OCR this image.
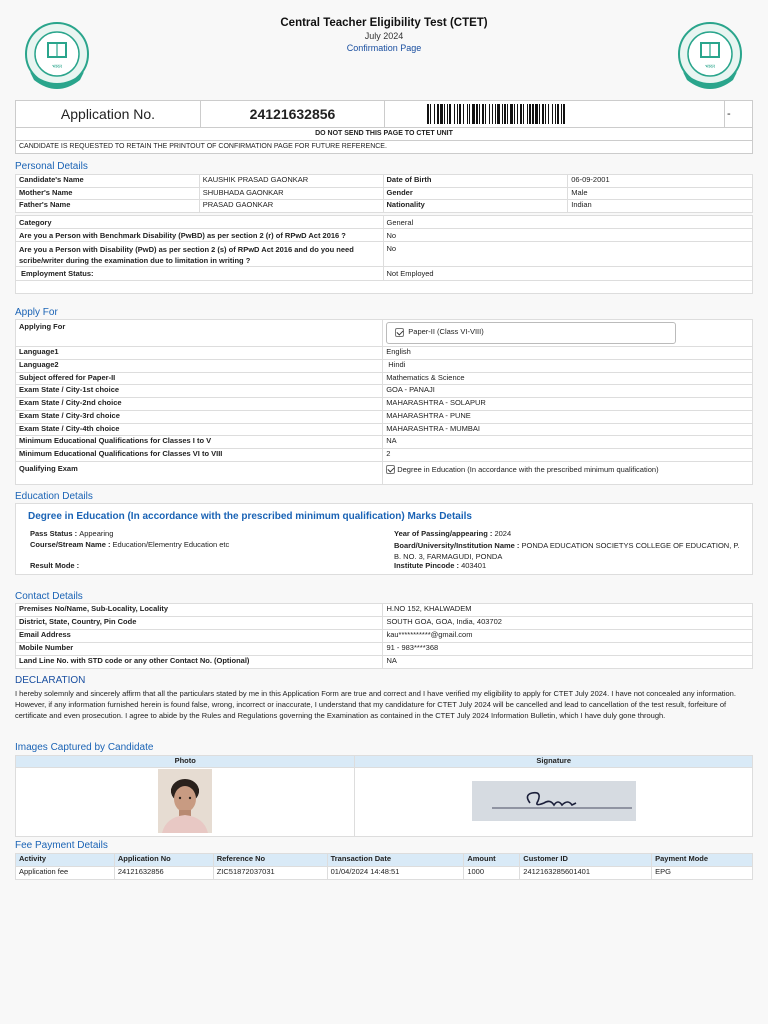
भारत	भारत
Central Teacher Eligibility Test (CTET)
July 2024
Confirmation Page
Application No.	24121632856	-
DO NOT SEND THIS PAGE TO CTET UNIT
CANDIDATE IS REQUESTED TO RETAIN THE PRINTOUT OF CONFIRMATION PAGE FOR FUTURE REFERENCE.
Personal Details
Candidate's Name	KAUSHIK PRASAD GAONKAR	Date of Birth	06-09-2001
Mother's Name	SHUBHADA GAONKAR	Gender	Male
Father's Name	PRASAD GAONKAR	Nationality	Indian
Category	General
Are you a Person with Benchmark Disability (PwBD) as per section 2 (r) of RPwD Act 2016 ?	No

Are you a Person with Disability (PwD) as per section 2 (s) of RPwD Act 2016 and do you need
scribe/writer during the examination due to limitation in writing ?	No
Employment Status:	Not Employed

Apply For
Applying For	Paper-II (Class VI-VIII)

Language1	English
Language2	Hindi
Subject offered for Paper-II	Mathematics & Science
Exam State / City-1st choice	GOA - PANAJI
Exam State / City-2nd choice	MAHARASHTRA - SOLAPUR
Exam State / City-3rd choice	MAHARASHTRA - PUNE
Exam State / City-4th choice	MAHARASHTRA - MUMBAI
Minimum Educational Qualifications for Classes I to V	NA
Minimum Educational Qualifications for Classes VI to VIII	2
Qualifying Exam	Degree in Education (In accordance with the prescribed minimum qualification)
Education Details
Degree in Education (In accordance with the prescribed minimum qualification) Marks Details
Pass Status : Appearing
Course/Stream Name : Education/Elementry Education etc
Result Mode :
Year of Passing/appearing : 2024
Board/University/Institution Name : PONDA EDUCATION SOCIETYS COLLEGE OF EDUCATION, P. B. NO. 3, FARMAGUDI, PONDA
Institute Pincode : 403401
Contact Details
Premises No/Name, Sub-Locality, Locality	H.NO 152, KHALWADEM
District, State, Country, Pin Code	SOUTH GOA, GOA, India, 403702
Email Address	kau***********@gmail.com
Mobile Number	91 - 983****368
Land Line No. with STD code or any other Contact No. (Optional)	NA
DECLARATION
I hereby solemnly and sincerely affirm that all the particulars stated by me in this Application Form are true and correct and I have verified my eligibility to apply for CTET July 2024. I have not concealed any information. However, if any information furnished herein is found false, wrong, incorrect or inaccurate, I understand that my candidature for CTET July 2024 will be cancelled and lead to cancellation of the test result, forfeiture of certificate and even prosecution. I agree to abide by the Rules and Regulations governing the Examination as contained in the CTET July 2024 Information Bulletin, which I have duly gone through.
Images Captured by Candidate
Photo	Signature

Fee Payment Details
Activity	Application No	Reference No	Transaction Date	Amount	Customer ID	Payment Mode
Application fee	24121632856	ZIC51872037031	01/04/2024 14:48:51	1000	2412163285601401	EPG
